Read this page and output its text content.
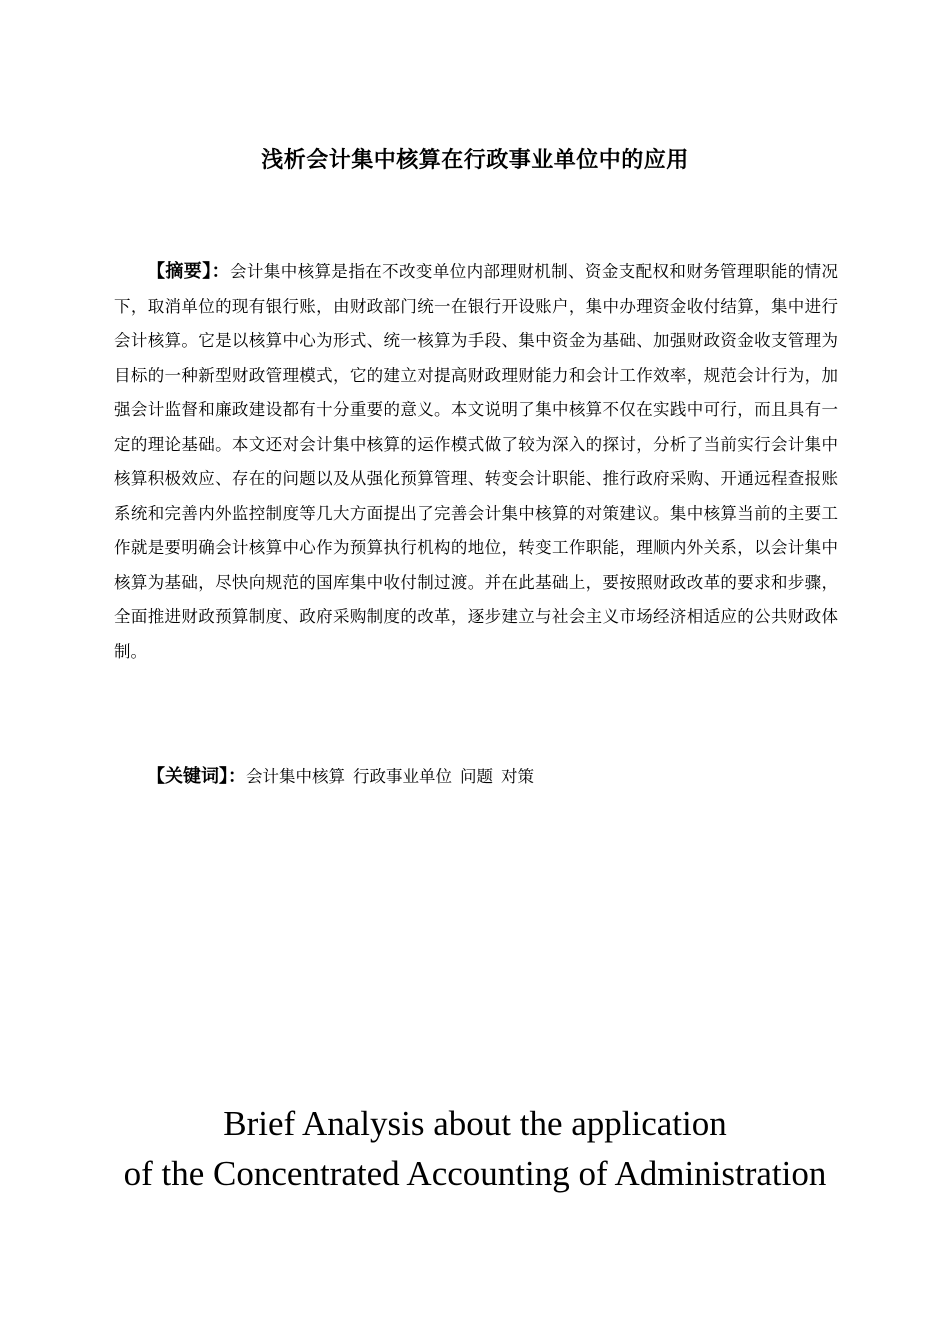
浅析会计集中核算在行政事业单位中的应用

【摘要】：会计集中核算是指在不改变单位内部理财机制、资金支配权和财务管理职能的情况下，取消单位的现有银行账，由财政部门统一在银行开设账户，集中办理资金收付结算，集中进行会计核算。它是以核算中心为形式、统一核算为手段、集中资金为基础、加强财政资金收支管理为目标的一种新型财政管理模式，它的建立对提高财政理财能力和会计工作效率，规范会计行为，加强会计监督和廉政建设都有十分重要的意义。本文说明了集中核算不仅在实践中可行，而且具有一定的理论基础。本文还对会计集中核算的运作模式做了较为深入的探讨，分析了当前实行会计集中核算积极效应、存在的问题以及从强化预算管理、转变会计职能、推行政府采购、开通远程查报账系统和完善内外监控制度等几大方面提出了完善会计集中核算的对策建议。集中核算当前的主要工作就是要明确会计核算中心作为预算执行机构的地位，转变工作职能，理顺内外关系，以会计集中核算为基础，尽快向规范的国库集中收付制过渡。并在此基础上，要按照财政改革的要求和步骤，全面推进财政预算制度、政府采购制度的改革，逐步建立与社会主义市场经济相适应的公共财政体制。

【关键词】：会计集中核算 行政事业单位 问题 对策

Brief Analysis about the application
of the Concentrated Accounting of Administration
